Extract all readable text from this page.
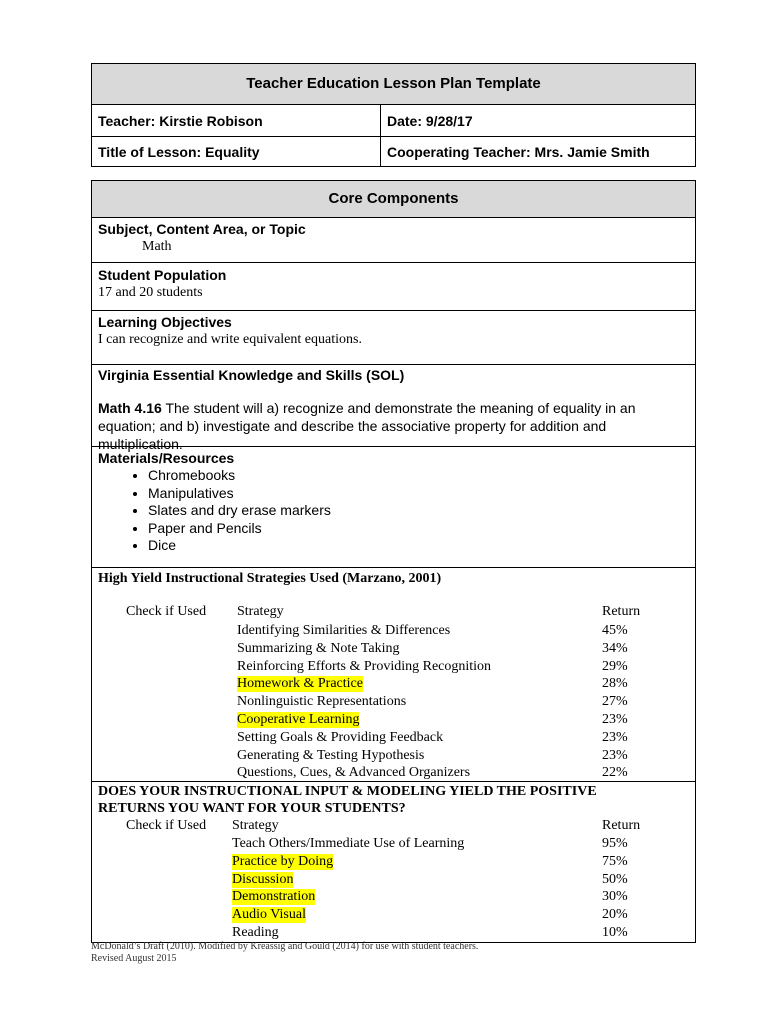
Teacher Education Lesson Plan Template
Teacher: Kirstie Robison	Date: 9/28/17
Title of Lesson: Equality	Cooperating Teacher: Mrs. Jamie Smith
Core Components
Subject, Content Area, or Topic
Math
Student Population
17 and 20 students
Learning Objectives
I can recognize and write equivalent equations.
Virginia Essential Knowledge and Skills (SOL)
Math 4.16 The student will a) recognize and demonstrate the meaning of equality in an
equation; and b) investigate and describe the associative property for addition and multiplication.
Materials/Resources
• Chromebooks
• Manipulatives
• Slates and dry erase markers
• Paper and Pencils
• Dice
High Yield Instructional Strategies Used (Marzano, 2001)
Check if Used Strategy	Return
Identifying Similarities & Differences	45%
Summarizing & Note Taking	34%
Reinforcing Efforts & Providing Recognition	29%
Homework & Practice	28%
Nonlinguistic Representations	27%
Cooperative Learning	23%
Setting Goals & Providing Feedback	23%
Generating & Testing Hypothesis	23%
Questions, Cues, & Advanced Organizers	22%
DOES YOUR INSTRUCTIONAL INPUT & MODELING YIELD THE POSITIVE
RETURNS YOU WANT FOR YOUR STUDENTS?
Check if Used Strategy	Return
Teach Others/Immediate Use of Learning	95%
Practice by Doing	75%
Discussion	50%
Demonstration	30%
Audio Visual	20%
Reading	10%
McDonald’s Draft (2010). Modified by Kreassig and Gould (2014) for use with student teachers.
Revised August 2015
